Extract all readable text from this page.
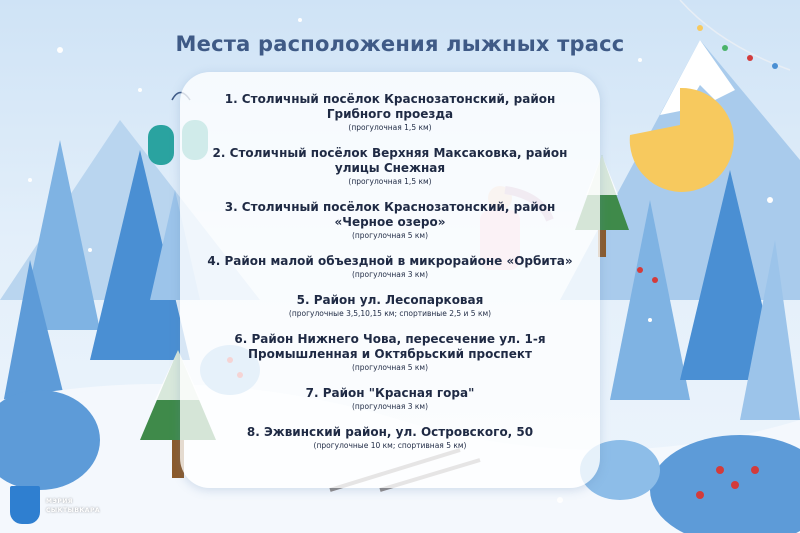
Места расположения лыжных трасс
1. Столичный посёлок Краснозатонский, район Грибного проезда
(прогулочная 1,5 км)
2. Столичный посёлок Верхняя Максаковка, район улицы Снежная
(прогулочная 1,5 км)
3. Столичный посёлок Краснозатонский, район «Черное озеро»
(прогулочная 5 км)
4. Район малой объездной в микрорайоне «Орбита»
(прогулочная 3 км)
5. Район ул. Лесопарковая
(прогулочные 3,5,10,15 км; спортивные 2,5 и 5 км)
6. Район Нижнего Чова, пересечение ул. 1-я Промышленная и Октябрьский проспект
(прогулочная 5 км)
7. Район "Красная гора"
(прогулочная 3 км)
8. Эжвинский район, ул. Островского, 50
(прогулочные 10 км; спортивная 5 км)
МЭРИЯ
СЫКТЫВКАРА
